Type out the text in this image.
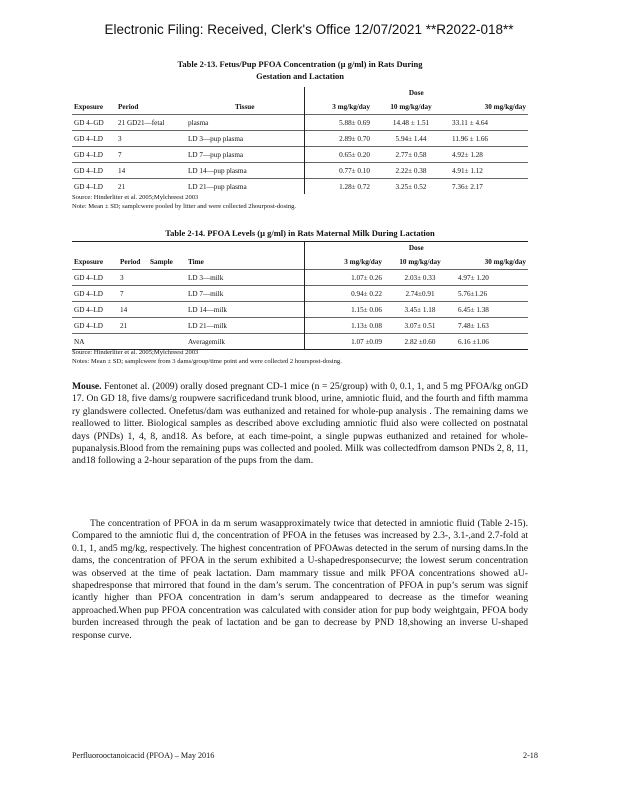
Electronic Filing: Received, Clerk's Office 12/07/2021 **R2022-018**
Table 2-13. Fetus/Pup PFOA Concentration (µ g/ml) in Rats During
Gestation and Lactation
			Dose		
Exposure	Period	Tissue	3 mg/kg/day	10 mg/kg/day	30 mg/kg/day
GD 4–GD	21 GD21—fetal	plasma	5.88± 0.69	14.48 ± 1.51	33.11 ± 4.64
GD 4–LD	3	LD 3—pup plasma	2.89± 0.70	5.94± 1.44	11.96 ± 1.66
GD 4–LD	7	LD 7—pup plasma	0.65± 0.20	2.77± 0.58	4.92± 1.28
GD 4–LD	14	LD 14—pup plasma	0.77± 0.10	2.22± 0.38	4.91± 1.12
GD 4–LD	21	LD 21—pup plasma	1.28± 0.72	3.25± 0.52	7.36± 2.17
Source: Hinderliter et al. 2005;Mylchreest 2003
Note: Mean ± SD; samplcwere pooled by litter and were collected 2hourpost-dosing.
Table 2-14. PFOA Levels (µ g/ml) in Rats Maternal Milk During Lactation
				Dose		
Exposure	Period	Sample	Time	3 mg/kg/day	10 mg/kg/day	30 mg/kg/day
GD 4–LD	3		LD 3—milk	1.07± 0.26	2.03± 0.33	4.97± 1.20
GD 4–LD	7		LD 7—milk	0.94± 0.22	2.74±0.91	5.76±1.26
GD 4–LD	14		LD 14—milk	1.15± 0.06	3.45± 1.18	6.45± 1.38
GD 4–LD	21		LD 21—milk	1.13± 0.08	3.07± 0.51	7.48± 1.63
NA			Averagemilk	1.07 ±0.09	2.82 ±0.60	6.16 ±1.06
Source: Hinderliter et al. 2005;Mylchreest 2003
Notes: Mean ± SD; samplcwere from 3 dams/group/time point and were collected 2 hourspost-dosing.

Mouse. Fentonet al. (2009) orally dosed pregnant CD-1 mice (n = 25/group) with 0, 0.1, 1, and 5 mg PFOA/kg onGD 17. On GD 18, five dams/g roupwere sacrificedand trunk blood, urine, amniotic fluid, and the fourth and fifth mamma ry glandswere collected. Onefetus/dam was euthanized and retained for whole-pup analysis . The remaining dams we reallowed to litter. Biological samples as described above excluding amniotic fluid also were collected on postnatal days (PNDs) 1, 4, 8, and18. As before, at each time-point, a single pupwas euthanized and retained for whole-pupanalysis.Blood from the remaining pups was collected and pooled. Milk was collectedfrom damson PNDs 2, 8, 11, and18 following a 2-hour separation of the pups from the dam.

The concentration of PFOA in da m serum wasapproximately twice that detected in amniotic fluid (Table 2-15). Compared to the amniotic flui d, the concentration of PFOA in the fetuses was increased by 2.3-, 3.1-,and 2.7-fold at 0.1, 1, and5 mg/kg, respectively. The highest concentration of PFOAwas detected in the serum of nursing dams.In the dams, the concentration of PFOA in the serum exhibited a U-shapedresponsecurve; the lowest serum concentration was observed at the time of peak lactation. Dam mammary tissue and milk PFOA concentrations showed aU-shapedresponse that mirrored that found in the dam’s serum. The concentration of PFOA in pup’s serum was signif icantly higher than PFOA concentration in dam’s serum andappeared to decrease as the timefor weaning approached.When pup PFOA concentration was calculated with consider ation for pup body weightgain, PFOA body burden increased through the peak of lactation and be gan to decrease by PND 18,showing an inverse U-shaped response curve.

Perfluorooctanoicacid (PFOA) – May 2016	2-18
